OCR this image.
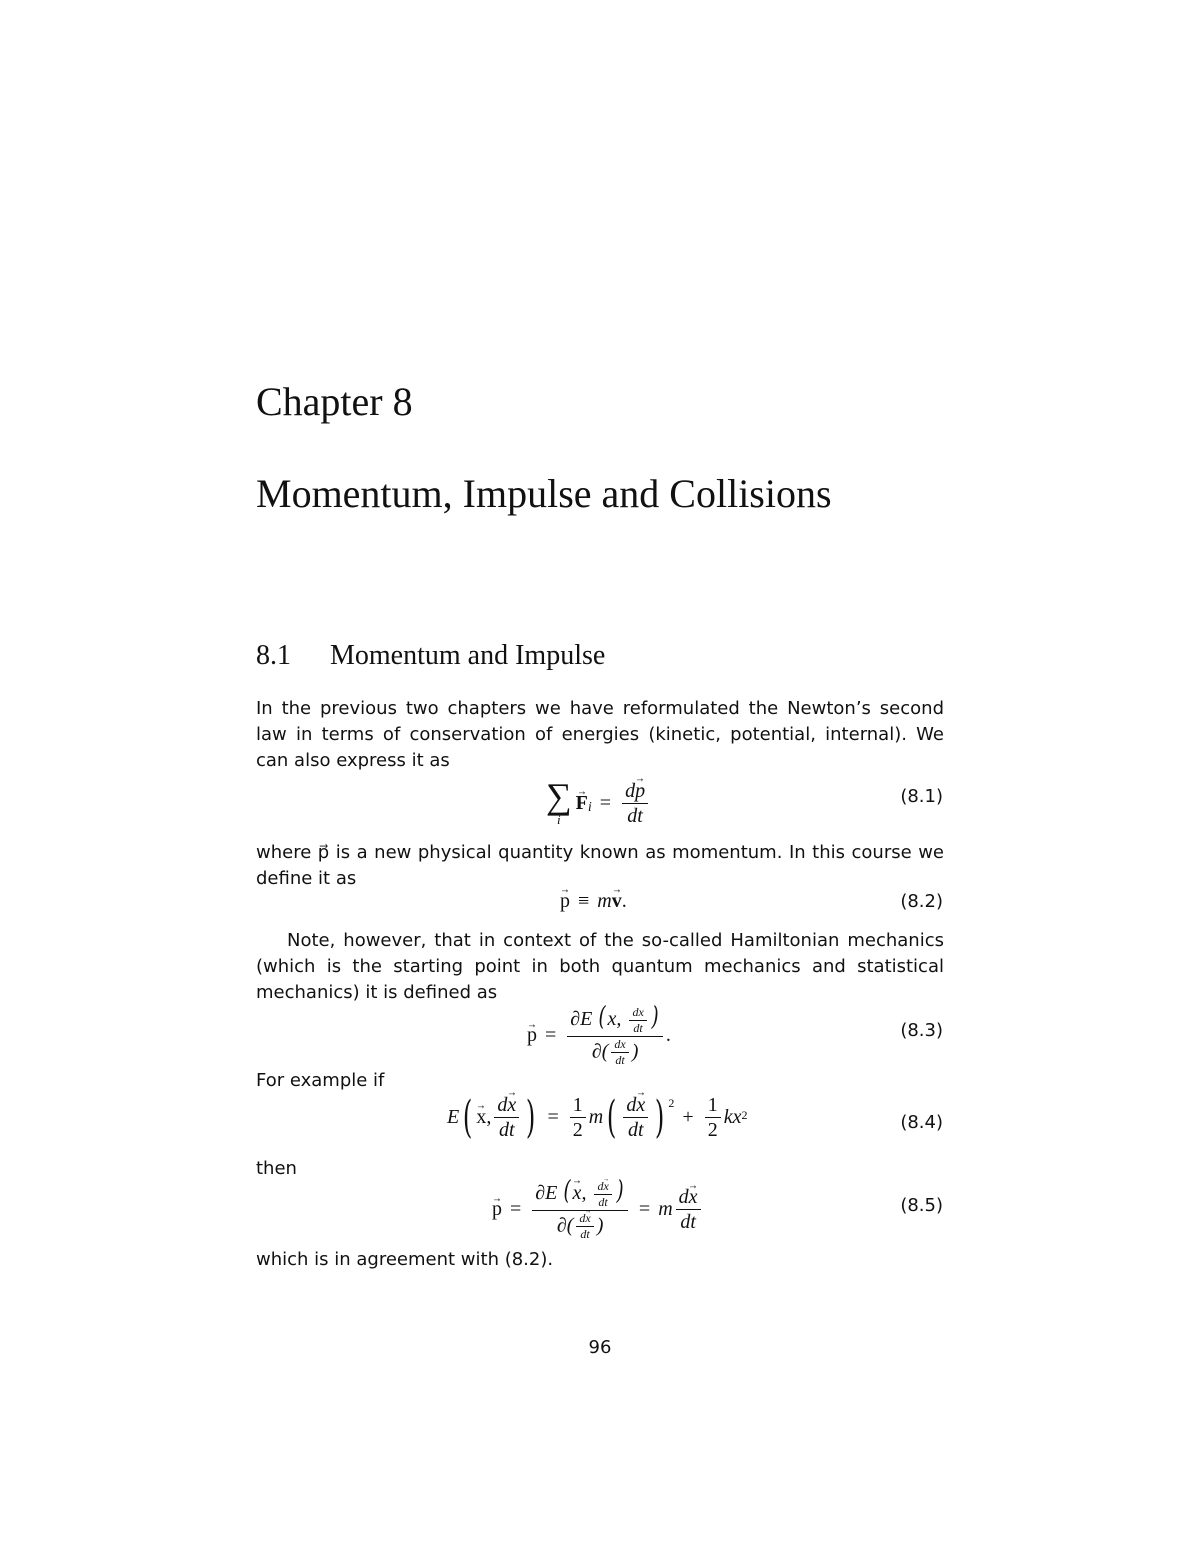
Chapter 8
Momentum, Impulse and Collisions
8.1 Momentum and Impulse
In the previous two chapters we have reformulated the Newton’s second law in terms of conservation of energies (kinetic, potential, internal). We can also express it as
∑
i
→ F $i = \frac{d\to p}{dt}$	(8.1)
where p⃗ is a new physical quantity known as momentum. In this course we define it as
→ p ≡ m → v .	(8.2)
Note, however, that in context of the so-called Hamiltonian mechanics (which is the starting point in both quantum mechanics and statistical mechanics) it is defined as
→ $p = \frac{\partial E (x, \frac{dx}{dt} )}{\partial( \frac{dx}{dt} )}$ .	(8.3)
For example if
E ( → x , $\frac{d\to x}{dt}$ ) = $\frac{1}{2}$ m ( $\frac{d\to x}{dt}$ ) $^2$
+ $\frac{1}{2}$ kx 2	(8.4)
then
→ $p = \frac{\partial E (\to x, \frac{d\to x}{dt} )}{\partial( \frac{d\to x}{dt} )} = m \frac{d\to x}{dt}$	(8.5)
which is in agreement with (8.2).
96
